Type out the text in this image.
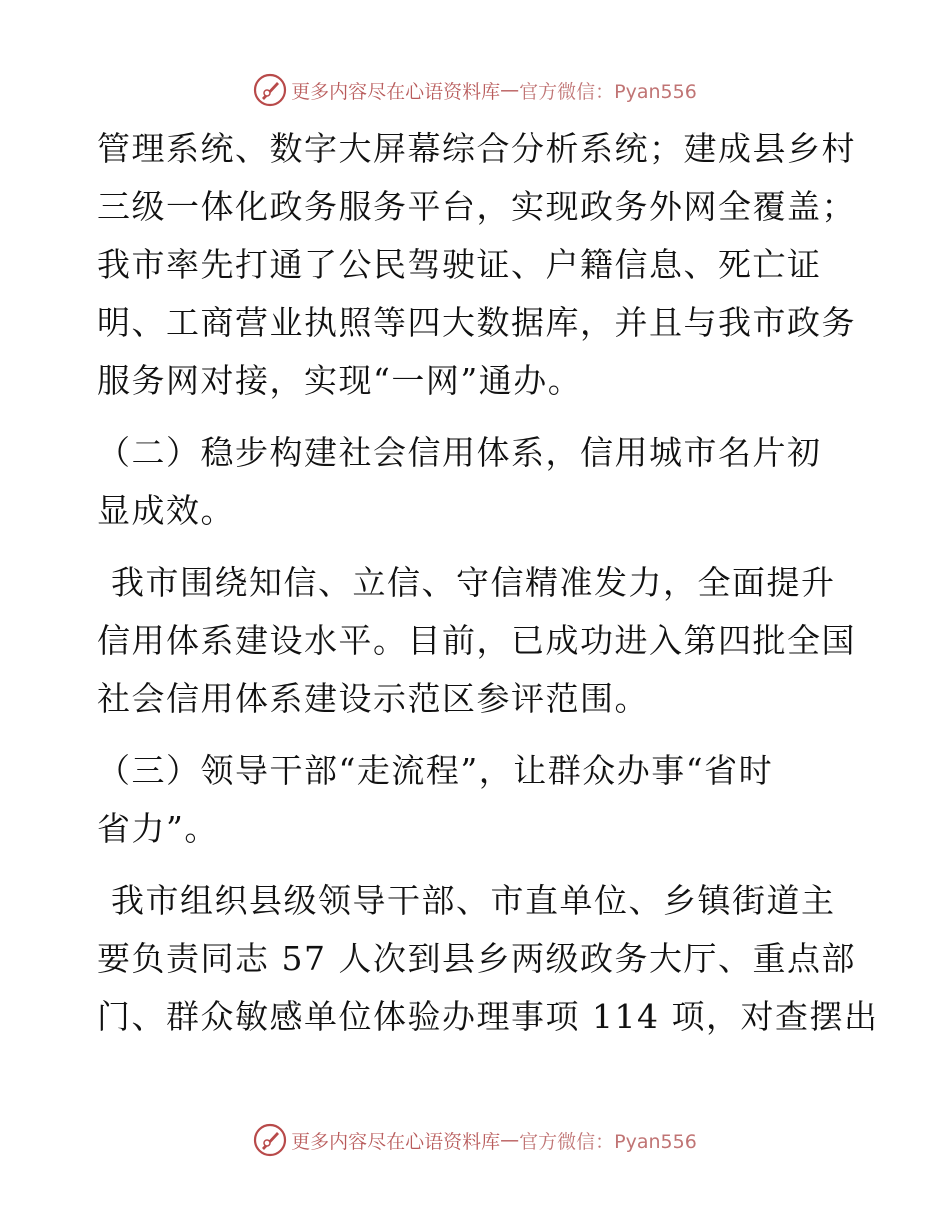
更多内容尽在心语资料库 — 官方微信：Pyan556
管理系统、数字大屏幕综合分析系统；建成县乡村
三级一体化政务服务平台，实现政务外网全覆盖；
我市率先打通了公民驾驶证、户籍信息、死亡证
明、工商营业执照等四大数据库，并且与我市政务
服务网对接，实现“一网”通办。
（二）稳步构建社会信用体系，信用城市名片初
显成效。
我市围绕知信、立信、守信精准发力，全面提升
信用体系建设水平。目前，已成功进入第四批全国
社会信用体系建设示范区参评范围。
（三）领导干部“走流程”，让群众办事“省时
省力”。
我市组织县级领导干部、市直单位、乡镇街道主
要负责同志 57 人次到县乡两级政务大厅、重点部
门、群众敏感单位体验办理事项 114 项，对查摆出
更多内容尽在心语资料库 — 官方微信：Pyan556
